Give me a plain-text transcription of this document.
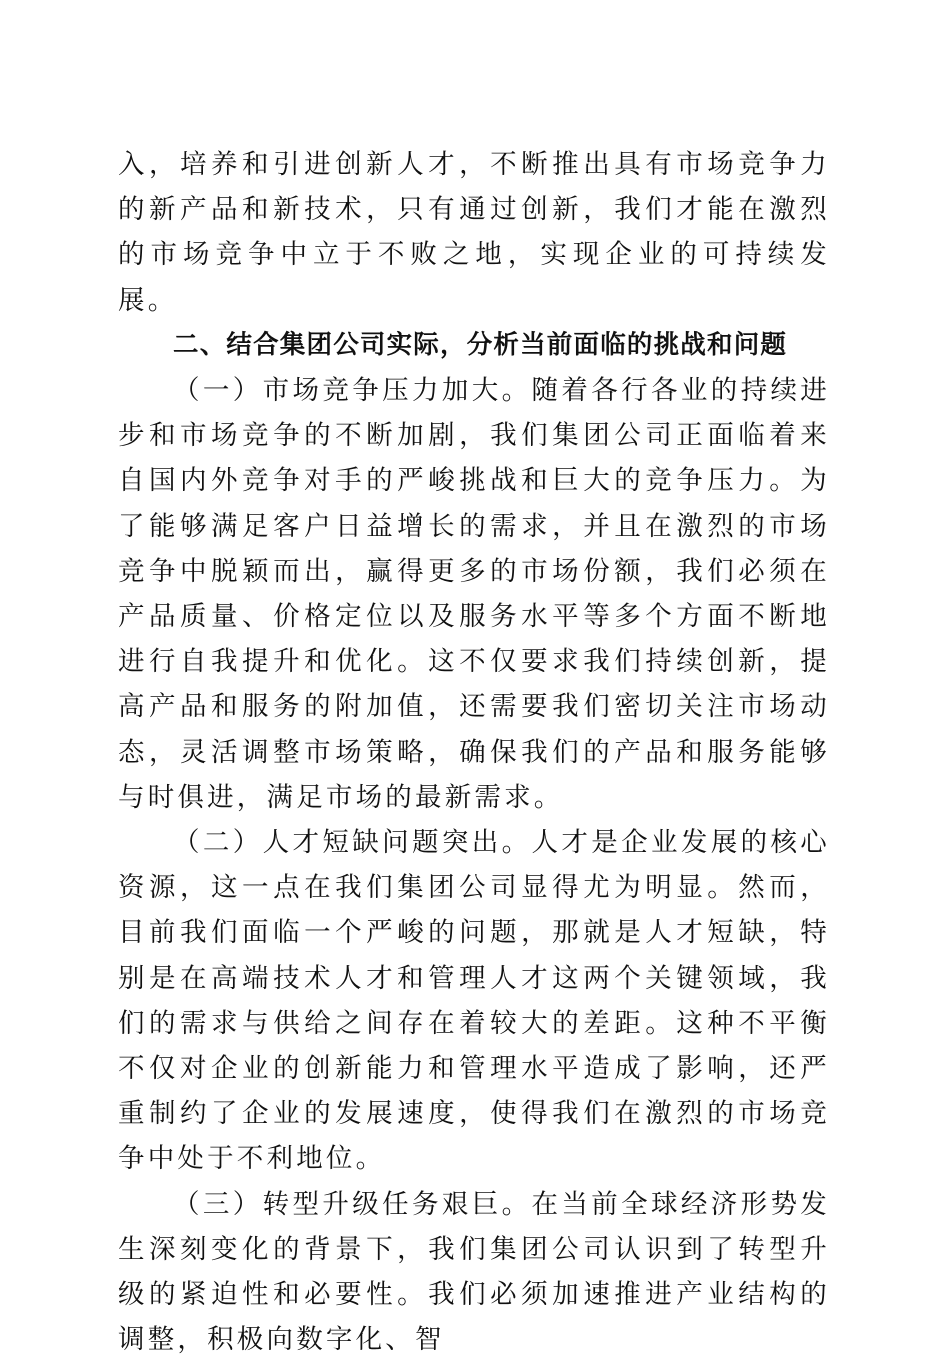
入，培养和引进创新人才，不断推出具有市场竞争力的新产品和新技术，只有通过创新，我们才能在激烈的市场竞争中立于不败之地，实现企业的可持续发展。

二、结合集团公司实际，分析当前面临的挑战和问题

（一）市场竞争压力加大。随着各行各业的持续进步和市场竞争的不断加剧，我们集团公司正面临着来自国内外竞争对手的严峻挑战和巨大的竞争压力。为了能够满足客户日益增长的需求，并且在激烈的市场竞争中脱颖而出，赢得更多的市场份额，我们必须在产品质量、价格定位以及服务水平等多个方面不断地进行自我提升和优化。这不仅要求我们持续创新，提高产品和服务的附加值，还需要我们密切关注市场动态，灵活调整市场策略，确保我们的产品和服务能够与时俱进，满足市场的最新需求。

（二）人才短缺问题突出。人才是企业发展的核心资源，这一点在我们集团公司显得尤为明显。然而，目前我们面临一个严峻的问题，那就是人才短缺，特别是在高端技术人才和管理人才这两个关键领域，我们的需求与供给之间存在着较大的差距。这种不平衡不仅对企业的创新能力和管理水平造成了影响，还严重制约了企业的发展速度，使得我们在激烈的市场竞争中处于不利地位。

（三）转型升级任务艰巨。在当前全球经济形势发生深刻变化的背景下，我们集团公司认识到了转型升级的紧迫性和必要性。我们必须加速推进产业结构的调整，积极向数字化、智
